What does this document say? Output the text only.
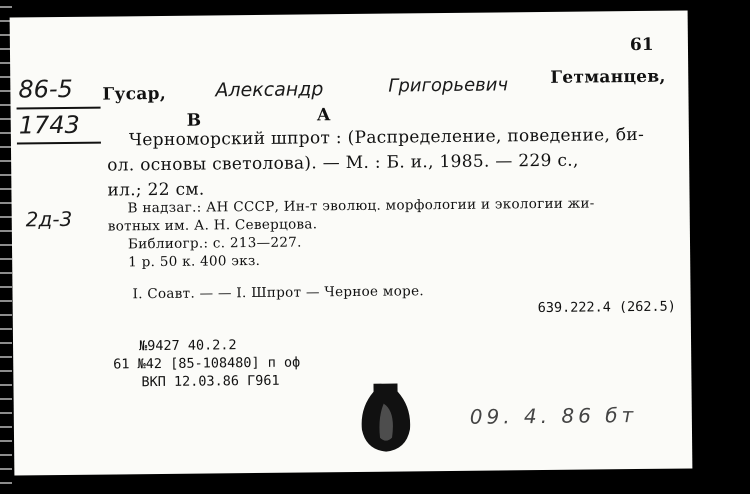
61
86-5
1743
2д-3
Гусар,	Александр	Григорьевич Гетманцев,
В	А
Черноморский шпрот : (Распределение, поведение, би-
ол. основы светолова). — М. : Б. и., 1985. — 229 с.,
ил.; 22 см.
В надзаг.: АН СССР, Ин-т эволюц. морфологии и экологии жи-
вотных им. А. Н. Северцова.
Библиогр.: с. 213—227.
1 р. 50 к. 400 экз.
I. Соавт. — — I. Шпрот — Черное море.
639.222.4 (262.5)
№9427 40.2.2
61 №42 [85-108480] п оф
ВКП 12.03.86 Г961
09. 4. 86 бт
